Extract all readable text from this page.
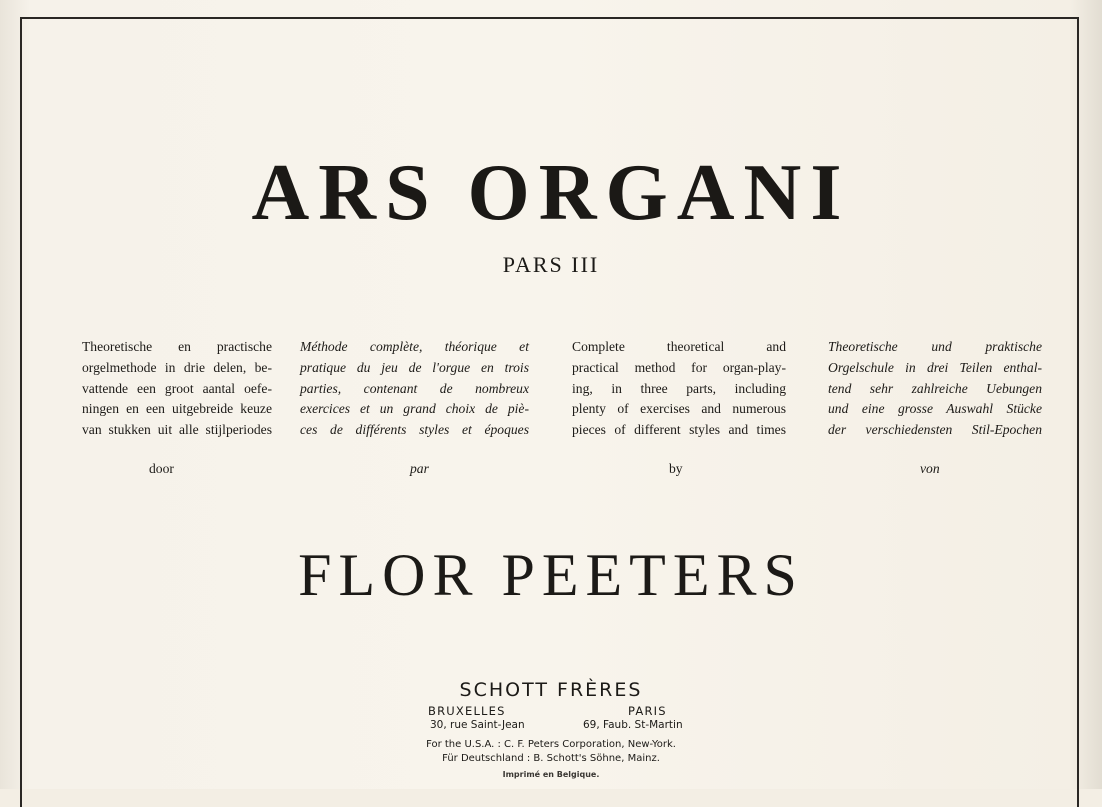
ARS ORGANI
PARS III

Theoretische en practische
orgelmethode in drie delen, be-
vattende een groot aantal oefe-
ningen en een uitgebreide keuze
van stukken uit alle stijlperiodes

Méthode complète, théorique et
pratique du jeu de l'orgue en trois
parties, contenant de nombreux
exercices et un grand choix de piè-
ces de différents styles et époques

Complete theoretical and
practical method for organ-play-
ing, in three parts, including
plenty of exercises and numerous
pieces of different styles and times

Theoretische und praktische
Orgelschule in drei Teilen enthal-
tend sehr zahlreiche Uebungen
und eine grosse Auswahl Stücke
der verschiedensten Stil-Epochen

door	par	by	von
FLOR PEETERS
SCHOTT FRÈRES
BRUXELLES	PARIS
30, rue Saint-Jean	69, Faub. St-Martin
For the U.S.A. : C. F. Peters Corporation, New-York.
Für Deutschland : B. Schott's Söhne, Mainz.
Imprimé en Belgique.
